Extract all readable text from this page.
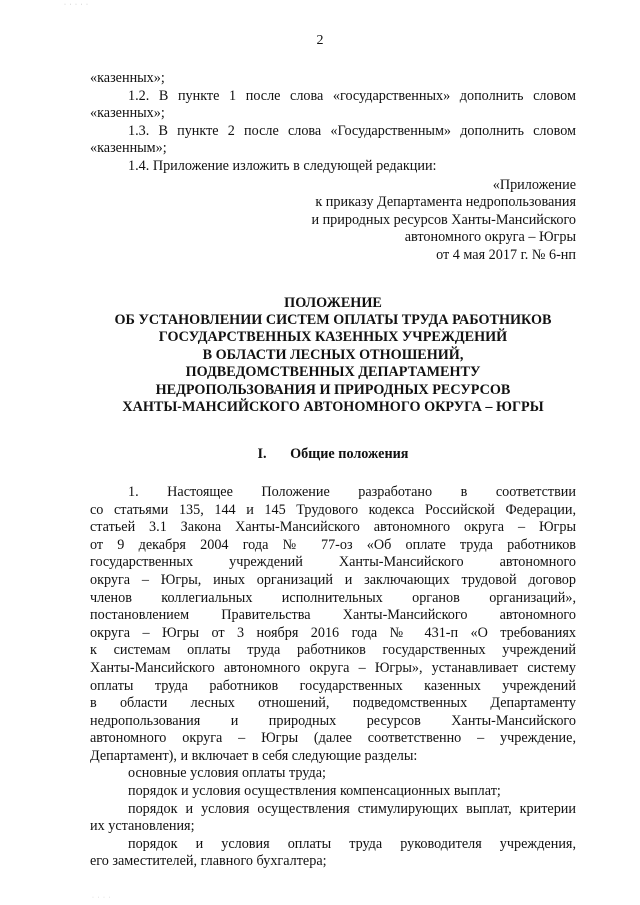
· · · · ·
2
«казенных»;
1.2. В пункте 1 после слова «государственных» дополнить словом
«казенных»;
1.3. В пункте 2 после слова «Государственным» дополнить словом
«казенным»;
1.4. Приложение изложить в следующей редакции:
«Приложение
к приказу Департамента недропользования
и природных ресурсов Ханты-Мансийского
автономного округа – Югры
от 4 мая 2017 г. № 6-нп
ПОЛОЖЕНИЕ
ОБ УСТАНОВЛЕНИИ СИСТЕМ ОПЛАТЫ ТРУДА РАБОТНИКОВ
ГОСУДАРСТВЕННЫХ КАЗЕННЫХ УЧРЕЖДЕНИЙ
В ОБЛАСТИ ЛЕСНЫХ ОТНОШЕНИЙ,
ПОДВЕДОМСТВЕННЫХ ДЕПАРТАМЕНТУ
НЕДРОПОЛЬЗОВАНИЯ И ПРИРОДНЫХ РЕСУРСОВ
ХАНТЫ-МАНСИЙСКОГО АВТОНОМНОГО ОКРУГА – ЮГРЫ
I. Общие положения
1. Настоящее Положение разработано в соответствии
со статьями 135, 144 и 145 Трудового кодекса Российской Федерации,
статьей 3.1 Закона Ханты-Мансийского автономного округа – Югры
от 9 декабря 2004 года № 77-оз «Об оплате труда работников
государственных учреждений Ханты-Мансийского автономного
округа – Югры, иных организаций и заключающих трудовой договор
членов коллегиальных исполнительных органов организаций»,
постановлением Правительства Ханты-Мансийского автономного
округа – Югры от 3 ноября 2016 года № 431-п «О требованиях
к системам оплаты труда работников государственных учреждений
Ханты-Мансийского автономного округа – Югры», устанавливает систему
оплаты труда работников государственных казенных учреждений
в области лесных отношений, подведомственных Департаменту
недропользования и природных ресурсов Ханты-Мансийского
автономного округа – Югры (далее соответственно – учреждение,
Департамент), и включает в себя следующие разделы:
основные условия оплаты труда;
порядок и условия осуществления компенсационных выплат;
порядок и условия осуществления стимулирующих выплат, критерии
их установления;
порядок и условия оплаты труда руководителя учреждения,
его заместителей, главного бухгалтера;
· · · ·
